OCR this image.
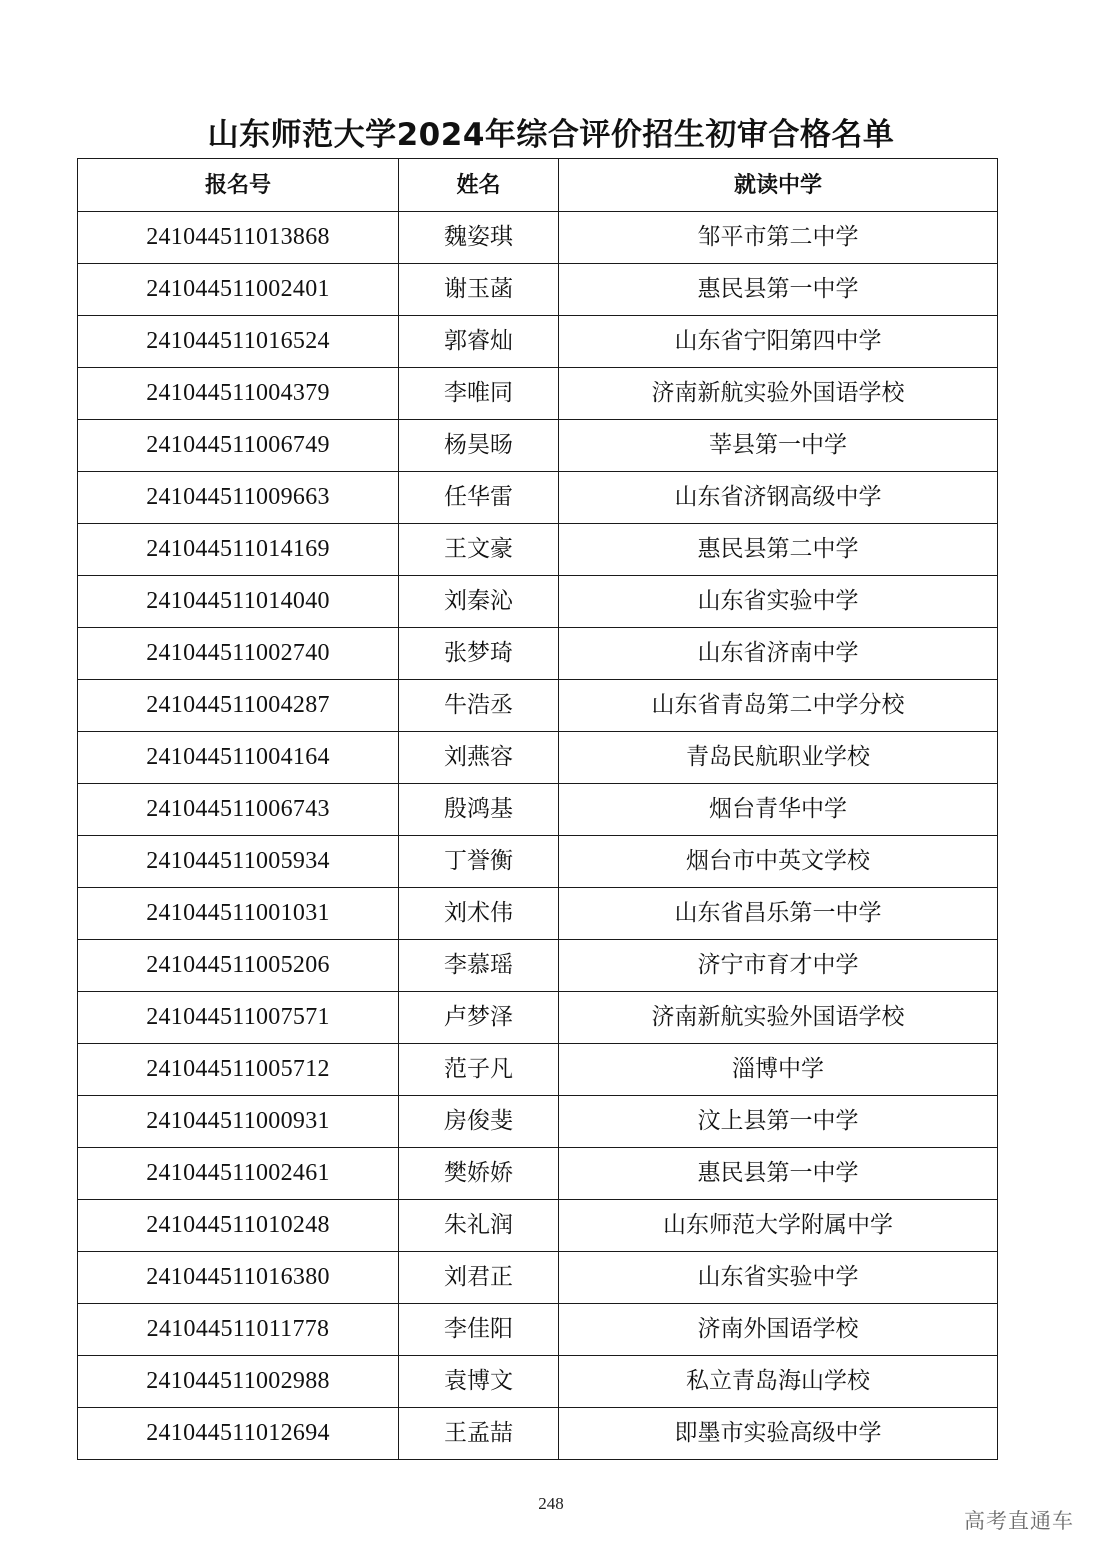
山东师范大学2024年综合评价招生初审合格名单
报名号	姓名	就读中学
241044511013868	魏姿琪	邹平市第二中学
241044511002401	谢玉菡	惠民县第一中学
241044511016524	郭睿灿	山东省宁阳第四中学
241044511004379	李唯同	济南新航实验外国语学校
241044511006749	杨昊旸	莘县第一中学
241044511009663	任华雷	山东省济钢高级中学
241044511014169	王文豪	惠民县第二中学
241044511014040	刘秦沁	山东省实验中学
241044511002740	张梦琦	山东省济南中学
241044511004287	牛浩丞	山东省青岛第二中学分校
241044511004164	刘燕容	青岛民航职业学校
241044511006743	殷鸿基	烟台青华中学
241044511005934	丁誉衡	烟台市中英文学校
241044511001031	刘术伟	山东省昌乐第一中学
241044511005206	李慕瑶	济宁市育才中学
241044511007571	卢梦泽	济南新航实验外国语学校
241044511005712	范子凡	淄博中学
241044511000931	房俊斐	汶上县第一中学
241044511002461	樊娇娇	惠民县第一中学
241044511010248	朱礼润	山东师范大学附属中学
241044511016380	刘君正	山东省实验中学
241044511011778	李佳阳	济南外国语学校
241044511002988	袁博文	私立青岛海山学校
241044511012694	王孟喆	即墨市实验高级中学
248
高考直通车
